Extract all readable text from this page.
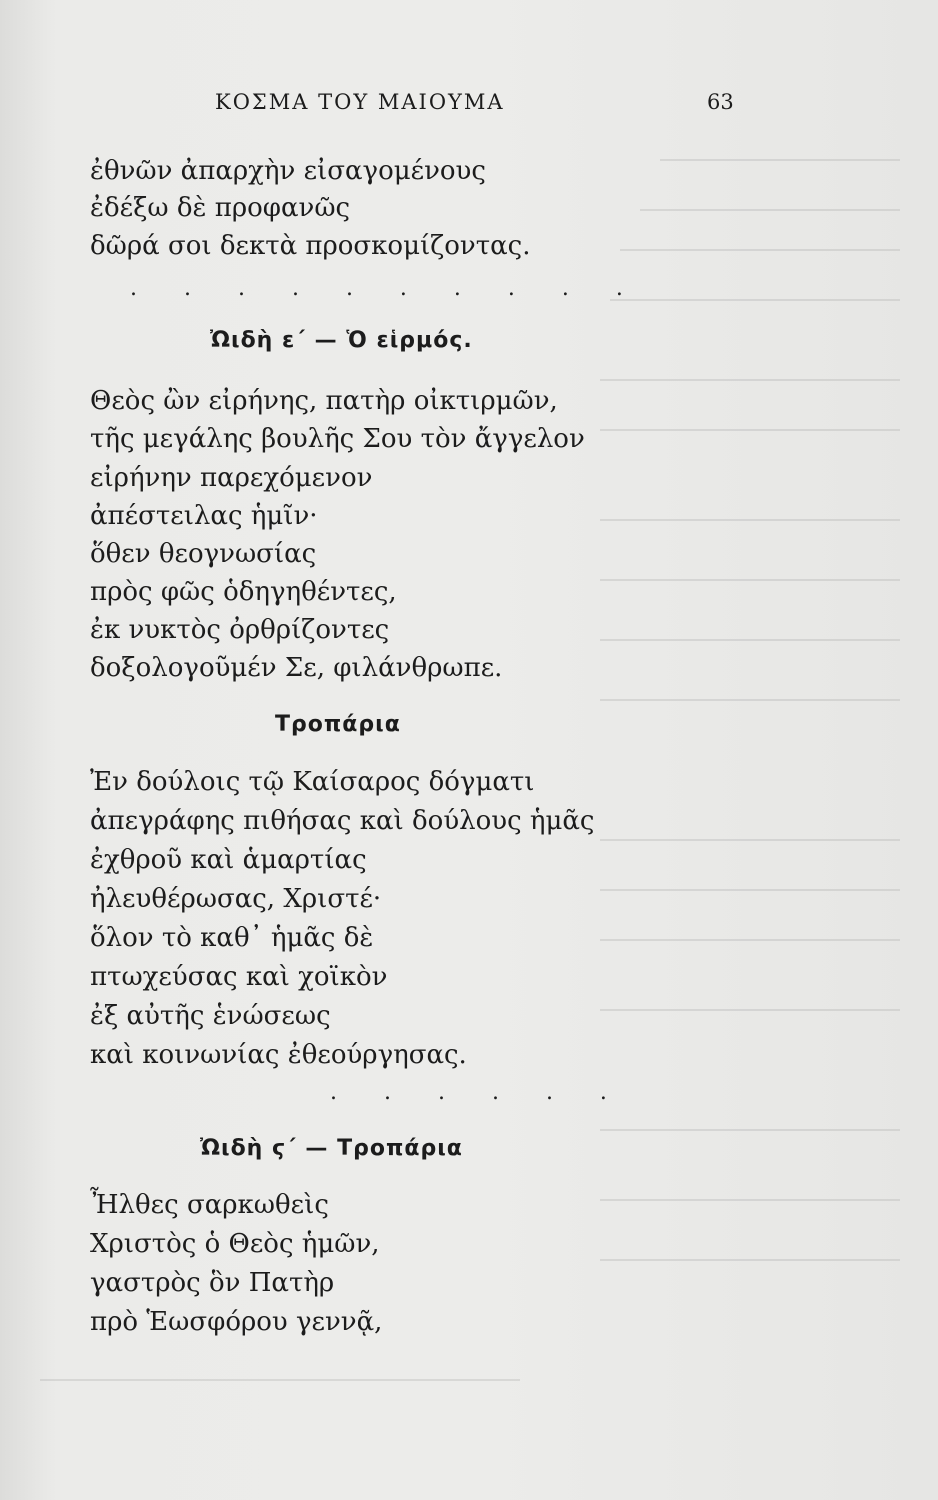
ΚΟΣΜΑ ΤΟΥ ΜΑΙΟΥΜΑ	63
ἐθνῶν ἀπαρχὴν εἰσαγομένους
ἐδέξω δὲ προφανῶς
δῶρά σοι δεκτὰ προσκομίζοντας.
. . . . . . . . . .
Ὠιδὴ ε΄ — Ὁ εἱρμός.
Θεὸς ὢν εἰρήνης, πατὴρ οἰκτιρμῶν,
τῆς μεγάλης βουλῆς Σου τὸν ἄγγελον
εἰρήνην παρεχόμενον
ἀπέστειλας ἡμῖν·
ὅθεν θεογνωσίας
πρὸς φῶς ὁδηγηθέντες,
ἐκ νυκτὸς ὀρθρίζοντες
δοξολογοῦμέν Σε, φιλάνθρωπε.
Τροπάρια
Ἐν δούλοις τῷ Καίσαρος δόγματι
ἀπεγράφης πιθήσας καὶ δούλους ἡμᾶς
ἐχθροῦ καὶ ἁμαρτίας
ἠλευθέρωσας, Χριστέ·
ὅλον τὸ καθ᾽ ἡμᾶς δὲ
πτωχεύσας καὶ χοϊκὸν
ἐξ αὐτῆς ἑνώσεως
καὶ κοινωνίας ἐθεούργησας.
. . . . . .
Ὠιδὴ ϛ΄ — Τροπάρια
Ἦλθες σαρκωθεὶς
Χριστὸς ὁ Θεὸς ἡμῶν,
γαστρὸς ὃν Πατὴρ
πρὸ Ἑωσφόρου γεννᾷ,
